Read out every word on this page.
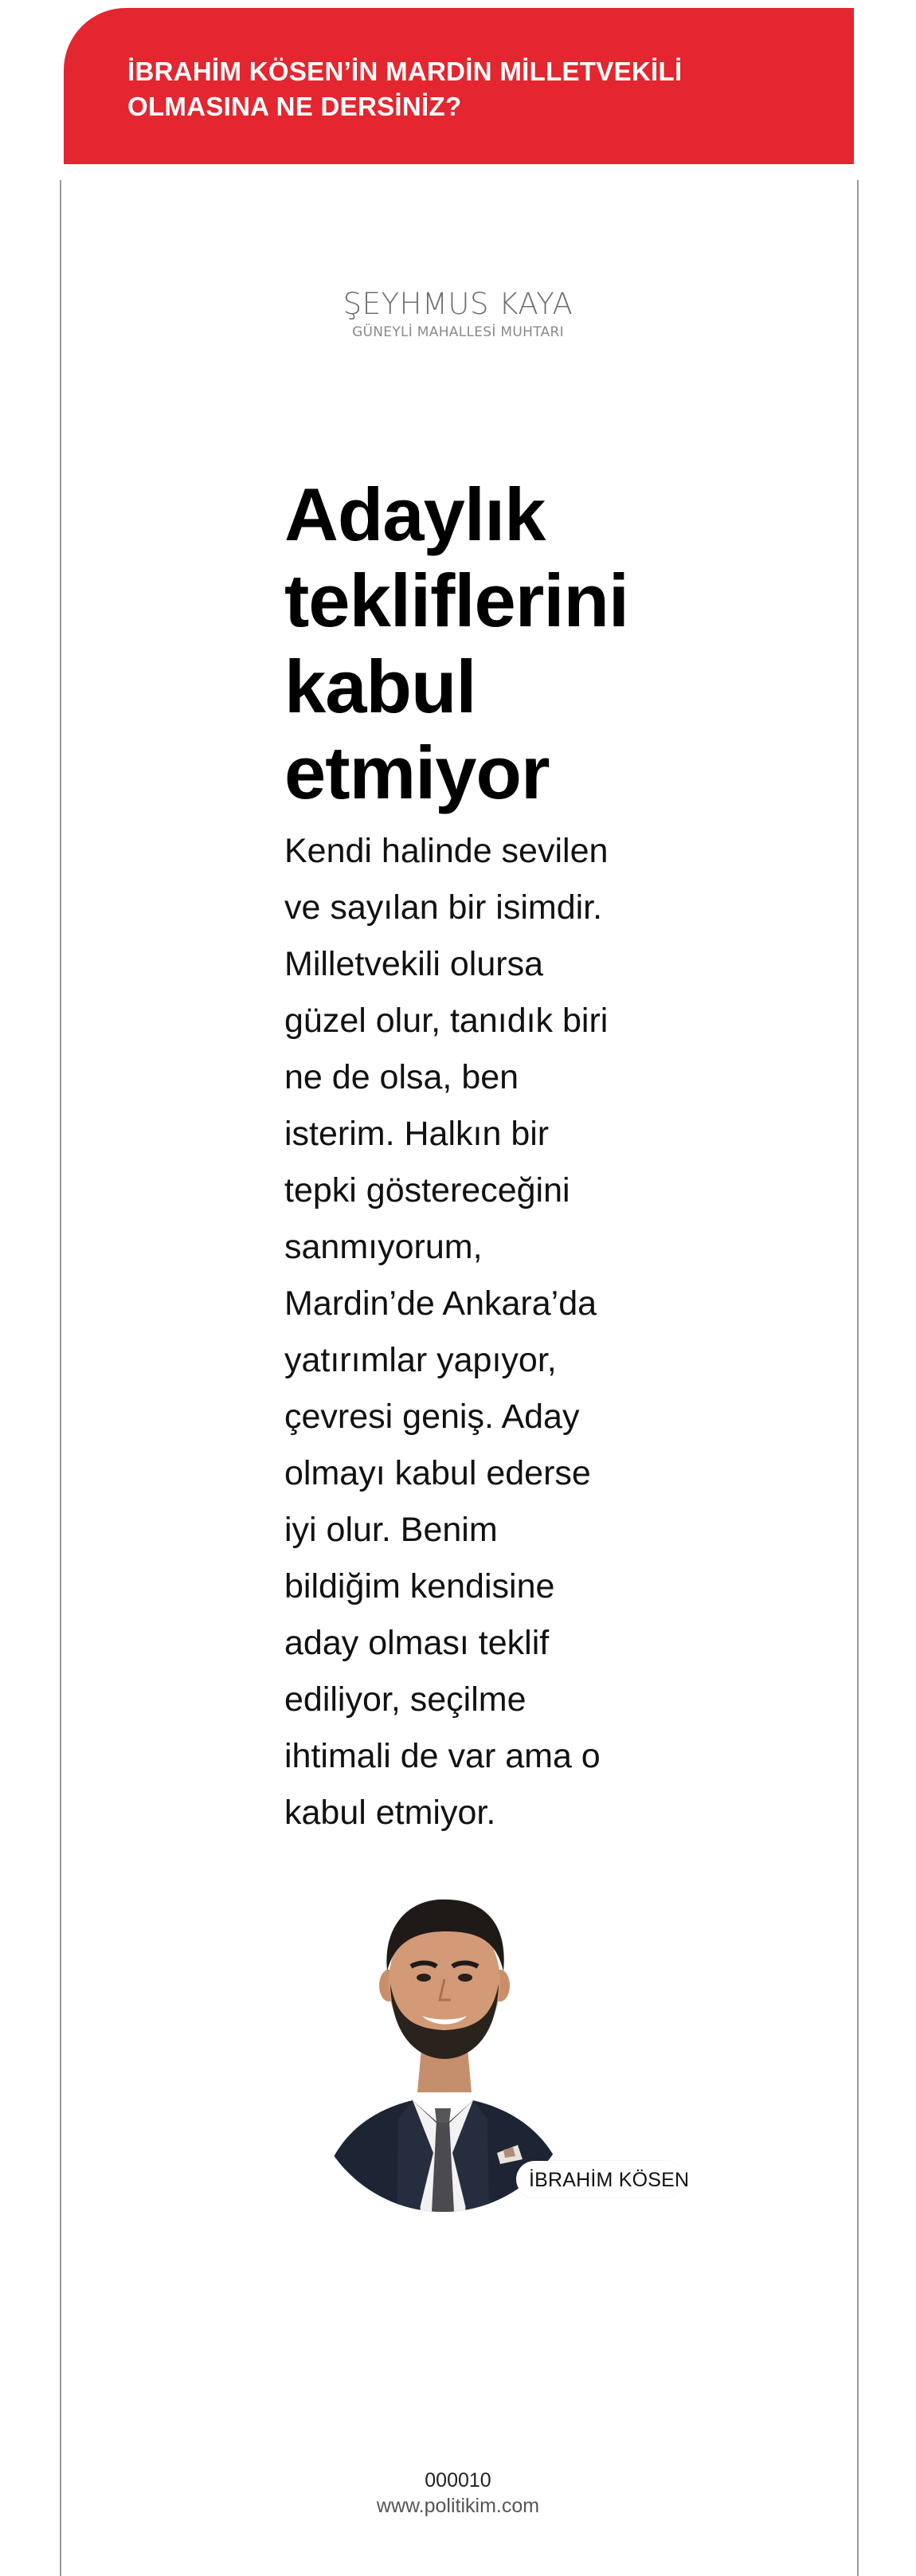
İBRAHİM KÖSEN’İN MARDİN MİLLETVEKİLİ OLMASINA NE DERSİNİZ?
ŞEYHMUS KAYA
GÜNEYLİ MAHALLESİ MUHTARI
Adaylık tekliflerini kabul etmiyor

Kendi halinde sevilen ve sayılan bir isimdir. Milletvekili olursa güzel olur, tanıdık biri ne de olsa, ben isterim. Halkın bir tepki göstereceğini sanmıyorum, Mardin’de Ankara’da yatırımlar yapıyor, çevresi geniş. Aday olmayı kabul ederse iyi olur. Benim bildiğim kendisine aday olması teklif ediliyor, seçilme ihtimali de var ama o kabul etmiyor.

İBRAHİM KÖSEN
000010
www.politikim.com
